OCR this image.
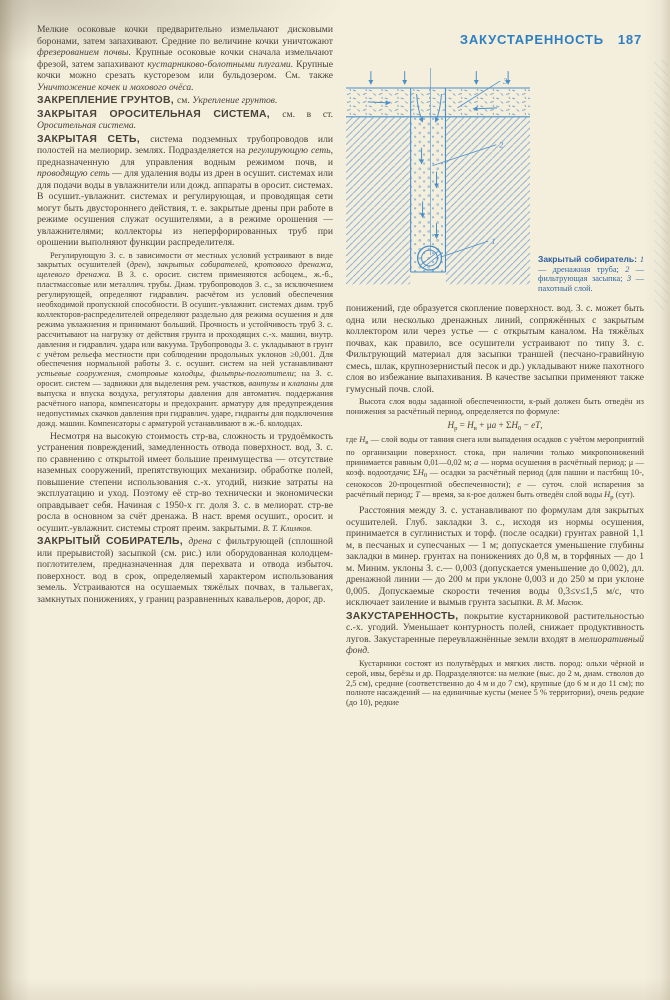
Мелкие осоковые кочки предварительно измельчают дисковыми боронами, затем запахивают. Средние по величине кочки уничтожают фрезерованием почвы. Крупные осоковые кочки сначала измельчают фрезой, затем запахивают кустарниково-болотными плугами. Крупные кочки можно срезать кусторезом или бульдозером. См. также Уничтожение кочек и мохового очёса.

ЗАКРЕПЛЕНИЕ ГРУНТОВ, см. Укрепление грунтов.

ЗАКРЫТАЯ ОРОСИТЕЛЬНАЯ СИСТЕМА, см. в ст. Оросительная система.

ЗАКРЫТАЯ СЕТЬ, система подземных трубопроводов или полостей на мелиорир. землях. Подразделяется на регулирующую сеть, предназначенную для управления водным режимом почв, и проводящую сеть — для удаления воды из дрен в осушит. системах или для подачи воды в увлажнители или дожд. аппараты в оросит. системах. В осушит.-увлажнит. системах и регулирующая, и проводящая сети могут быть двустороннего действия, т. е. закрытые дрены при работе в режиме осушения служат осушителями, а в режиме орошения — увлажнителями; коллекторы из неперфорированных труб при орошении выполняют функции распределителя.

Регулирующую З. с. в зависимости от местных условий устраивают в виде закрытых осушителей (дрен), закрытых собирателей, кротового дренажа, щелевого дренажа. В З. с. оросит. систем применяются асбоцем., ж.-б., пластмассовые или металлич. трубы. Диам. трубопроводов З. с., за исключением регулирующей, определяют гидравлич. расчётом из условий обеспечения необходимой пропускной способности. В осушит.-увлажнит. системах диам. труб коллекторов-распределителей определяют раздельно для режима осушения и для режима увлажнения и принимают больший. Прочность и устойчивость труб З. с. рассчитывают на нагрузку от действия грунта и проходящих с.-х. машин, внутр. давления и гидравлич. удара или вакуума. Трубопроводы З. с. укладывают в грунт с учётом рельефа местности при соблюдении продольных уклонов ≥0,001. Для обеспечения нормальной работы З. с. осушит. систем на ней устанавливают устьевые сооружения, смотровые колодцы, фильтры-поглотители; на З. с. оросит. систем — задвижки для выделения рем. участков, вантузы и клапаны для выпуска и впуска воздуха, регуляторы давления для автоматич. поддержания расчётного напора, компенсаторы и предохранит. арматуру для предупреждения недопустимых скачков давления при гидравлич. ударе, гидранты для подключения дожд. машин. Компенсаторы с арматурой устанавливают в ж.-б. колодцах.

Несмотря на высокую стоимость стр-ва, сложность и трудоёмкость устранения повреждений, замедленность отвода поверхност. вод, З. с. по сравнению с открытой имеет большие преимущества — отсутствие наземных сооружений, препятствующих механизир. обработке полей, повышение степени использования с.-х. угодий, низкие затраты на эксплуатацию и уход. Поэтому её стр-во технически и экономически оправдывает себя. Начиная с 1950-х гг. доля З. с. в мелиорат. стр-ве росла в основном за счёт дренажа. В наст. время осушит., оросит. и осушит.-увлажнит. системы строят преим. закрытыми. В. Т. Климков.

ЗАКРЫТЫЙ СОБИРАТЕЛЬ, дрена с фильтрующей (сплошной или прерывистой) засыпкой (см. рис.) или оборудованная колодцем-поглотителем, предназначенная для перехвата и отвода избыточ. поверхност. вод в срок, определяемый характером использования земель. Устраиваются на осушаемых тяжёлых почвах, в тальвегах, замкнутых понижениях, у границ разравненных кавальеров, дорог, др.

ЗАКУСТАРЕННОСТЬ 187
3
2
1

Закрытый собиратель: 1 — дренажная труба; 2 — фильтрующая засыпка; 3 — пахотный слой.

понижений, где образуется скопление поверхност. вод. З. с. может быть одна или несколько дренажных линий, сопряжённых с закрытым коллектором или через устье — с открытым каналом. На тяжёлых почвах, как правило, все осушители устраивают по типу З. с. Фильтрующий материал для засыпки траншей (песчано-гравийную смесь, шлак, крупнозернистый песок и др.) укладывают ниже пахотного слоя во избежание выпахивания. В качестве засыпки применяют также гумусный почв. слой.

Высота слоя воды заданной обеспеченности, к-рый должен быть отведён из понижения за расчётный период, определяется по формуле:

$H_р = H_в + \mu a + \Sigma H_0$ − eT,

где $H_в$ — слой воды от таяния снега или выпадения осадков с учётом мероприятий по организации поверхност. стока, при наличии только микропонижений принимается равным 0,01—0,02 м; a — норма осушения в расчётный период; μ — коэф. водоотдачи; $\Sigma H_0$ — осадки за расчётный период (для пашни и пастбищ 10-, сенокосов 20-процентной обеспеченности); e — суточ. слой испарения за расчётный период; T — время, за к-рое должен быть отведён слой воды $H_р$ (сут).

Расстояния между З. с. устанавливают по формулам для закрытых осушителей. Глуб. закладки З. с., исходя из нормы осушения, принимается в суглинистых и торф. (после осадки) грунтах равной 1,1 м, в песчаных и супесчаных — 1 м; допускается уменьшение глубины закладки в минер. грунтах на понижениях до 0,8 м, в торфяных — до 1 м. Миним. уклоны З. с.— 0,003 (допускается уменьшение до 0,002), дл. дренажной линии — до 200 м при уклоне 0,003 и до 250 м при уклоне 0,005. Допускаемые скорости течения воды 0,3≤v≤1,5 м/с, что исключает заиление и вымыв грунта засыпки. В. М. Масюк.

ЗАКУСТАРЕННОСТЬ, покрытие кустарниковой растительностью с.-х. угодий. Уменьшает контурность полей, снижает продуктивность лугов. Закустаренные переувлажнённые земли входят в мелиоративный фонд.

Кустарники состоят из полутвёрдых и мягких листв. пород: ольхи чёрной и серой, ивы, берёзы и др. Подразделяются: на мелкие (выс. до 2 м, диам. стволов до 2,5 см), средние (соответственно до 4 м и до 7 см), крупные (до 6 м и до 11 см); по полноте насаждений — на единичные кусты (менее 5 % территории), очень редкие (до 10), редкие
